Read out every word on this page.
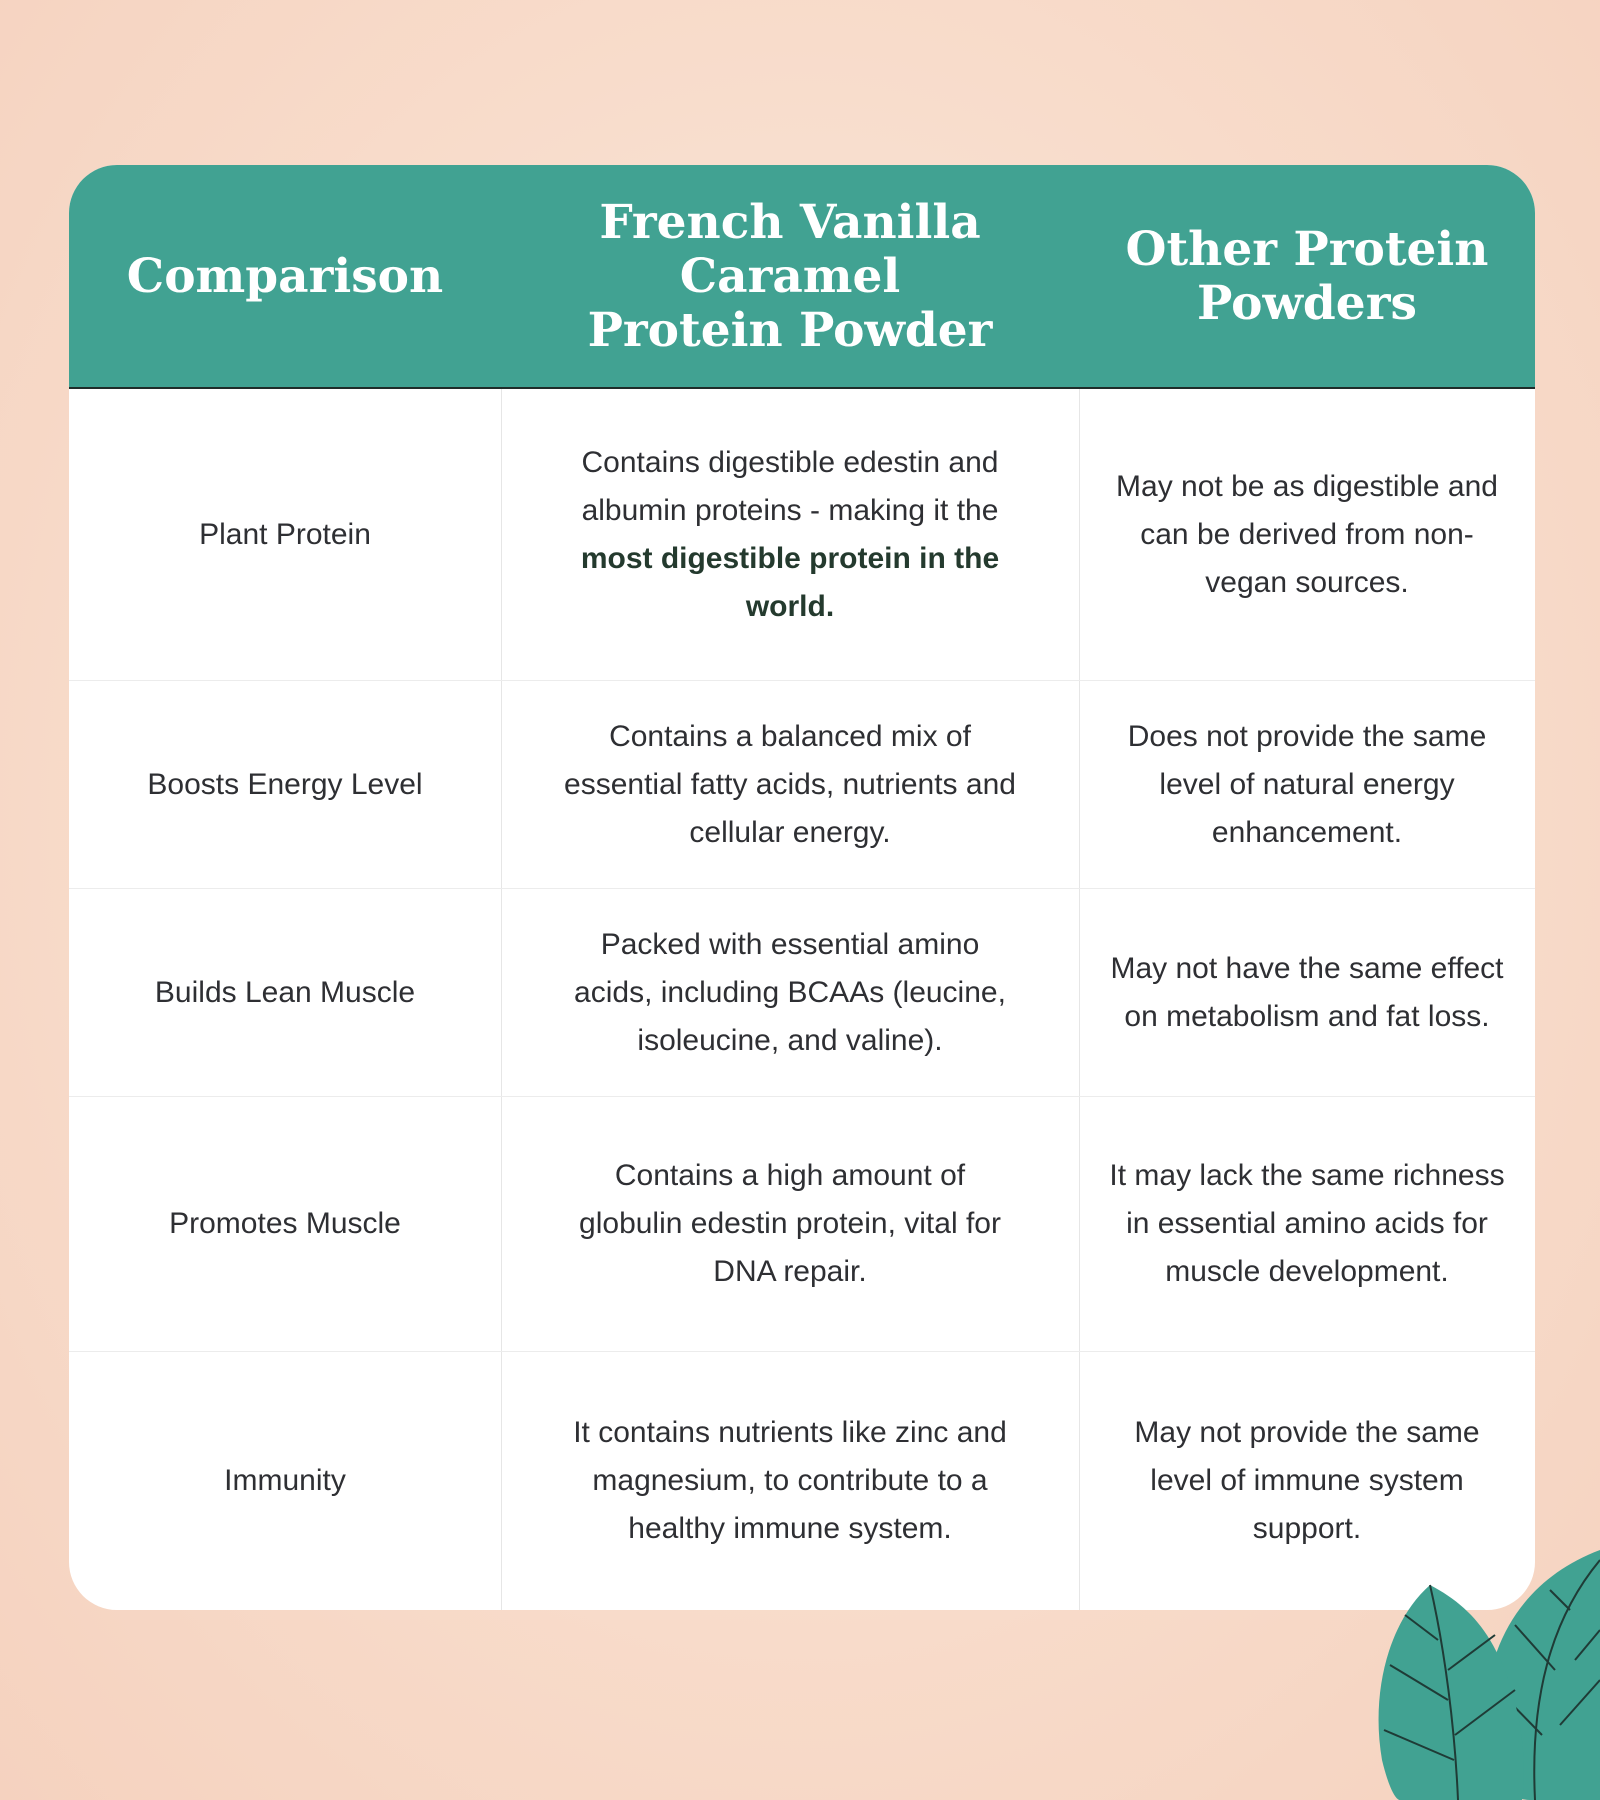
Comparison
French Vanilla Caramel
Protein Powder
Other Protein
Powders
Plant Protein
Contains digestible edestin and albumin proteins - making it the most digestible protein in the world.
May not be as digestible and can be derived from non-vegan sources.
Boosts Energy Level
Contains a balanced mix of essential fatty acids, nutrients and cellular energy.
Does not provide the same level of natural energy enhancement.
Builds Lean Muscle
Packed with essential amino acids, including BCAAs (leucine, isoleucine, and valine).
May not have the same effect on metabolism and fat loss.
Promotes Muscle
Contains a high amount of globulin edestin protein, vital for DNA repair.
It may lack the same richness in essential amino acids for muscle development.
Immunity
It contains nutrients like zinc and magnesium, to contribute to a healthy immune system.
May not provide the same level of immune system support.
